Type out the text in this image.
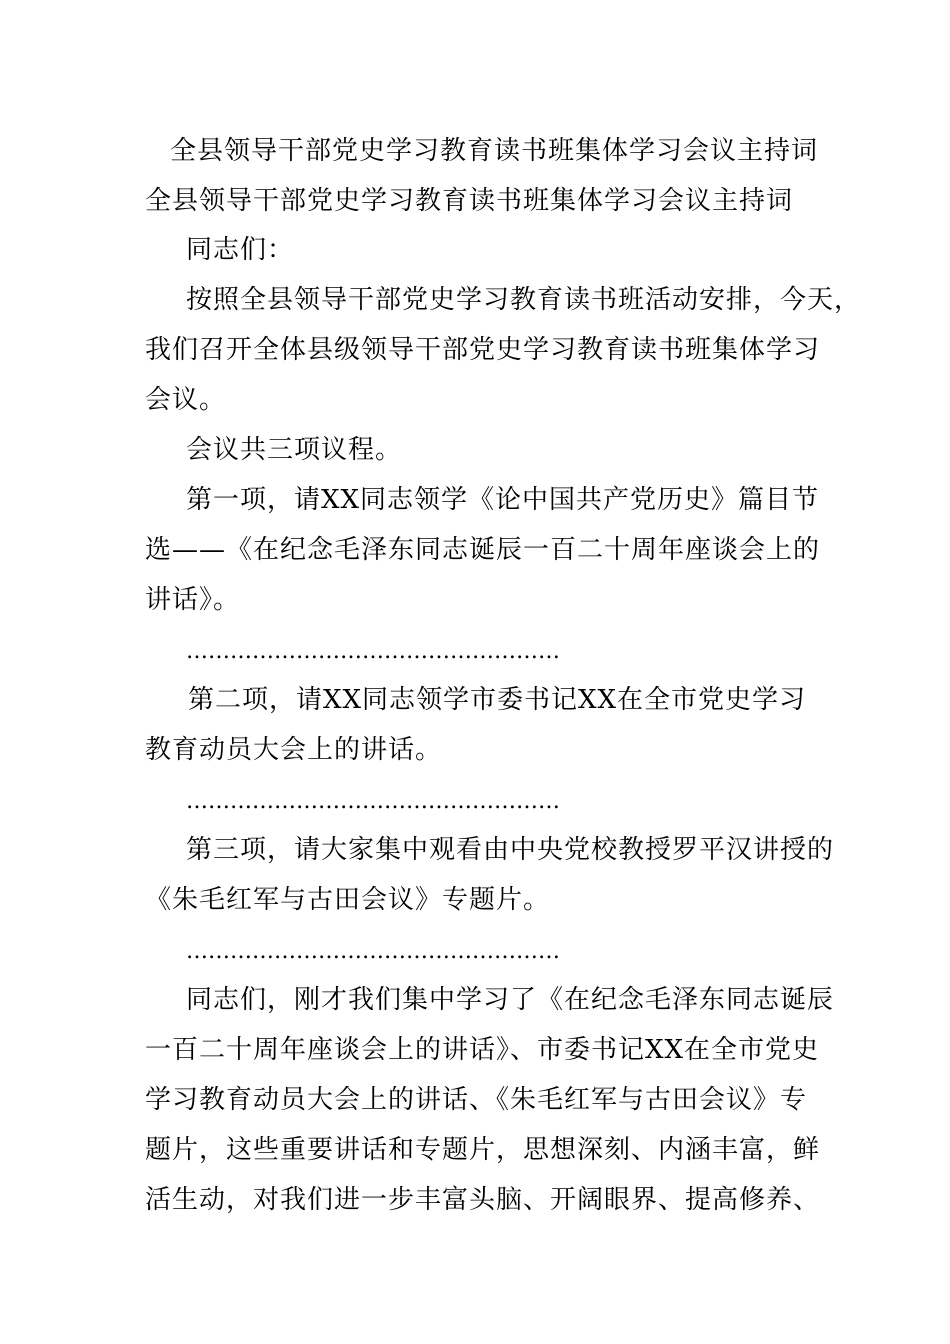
全县领导干部党史学习教育读书班集体学习会议主持词
全县领导干部党史学习教育读书班集体学习会议主持词
同志们：
按照全县领导干部党史学习教育读书班活动安排，今天，
我们召开全体县级领导干部党史学习教育读书班集体学习
会议。
会议共三项议程。
第一项，请XX同志领学《论中国共产党历史》篇目节
选——《在纪念毛泽东同志诞辰一百二十周年座谈会上的
讲话》。
……………………………………………
第二项，请XX同志领学市委书记XX在全市党史学习
教育动员大会上的讲话。
……………………………………………
第三项，请大家集中观看由中央党校教授罗平汉讲授的
《朱毛红军与古田会议》专题片。
……………………………………………
同志们，刚才我们集中学习了《在纪念毛泽东同志诞辰
一百二十周年座谈会上的讲话》、市委书记XX在全市党史
学习教育动员大会上的讲话、《朱毛红军与古田会议》专
题片，这些重要讲话和专题片，思想深刻、内涵丰富，鲜
活生动，对我们进一步丰富头脑、开阔眼界、提高修养、
